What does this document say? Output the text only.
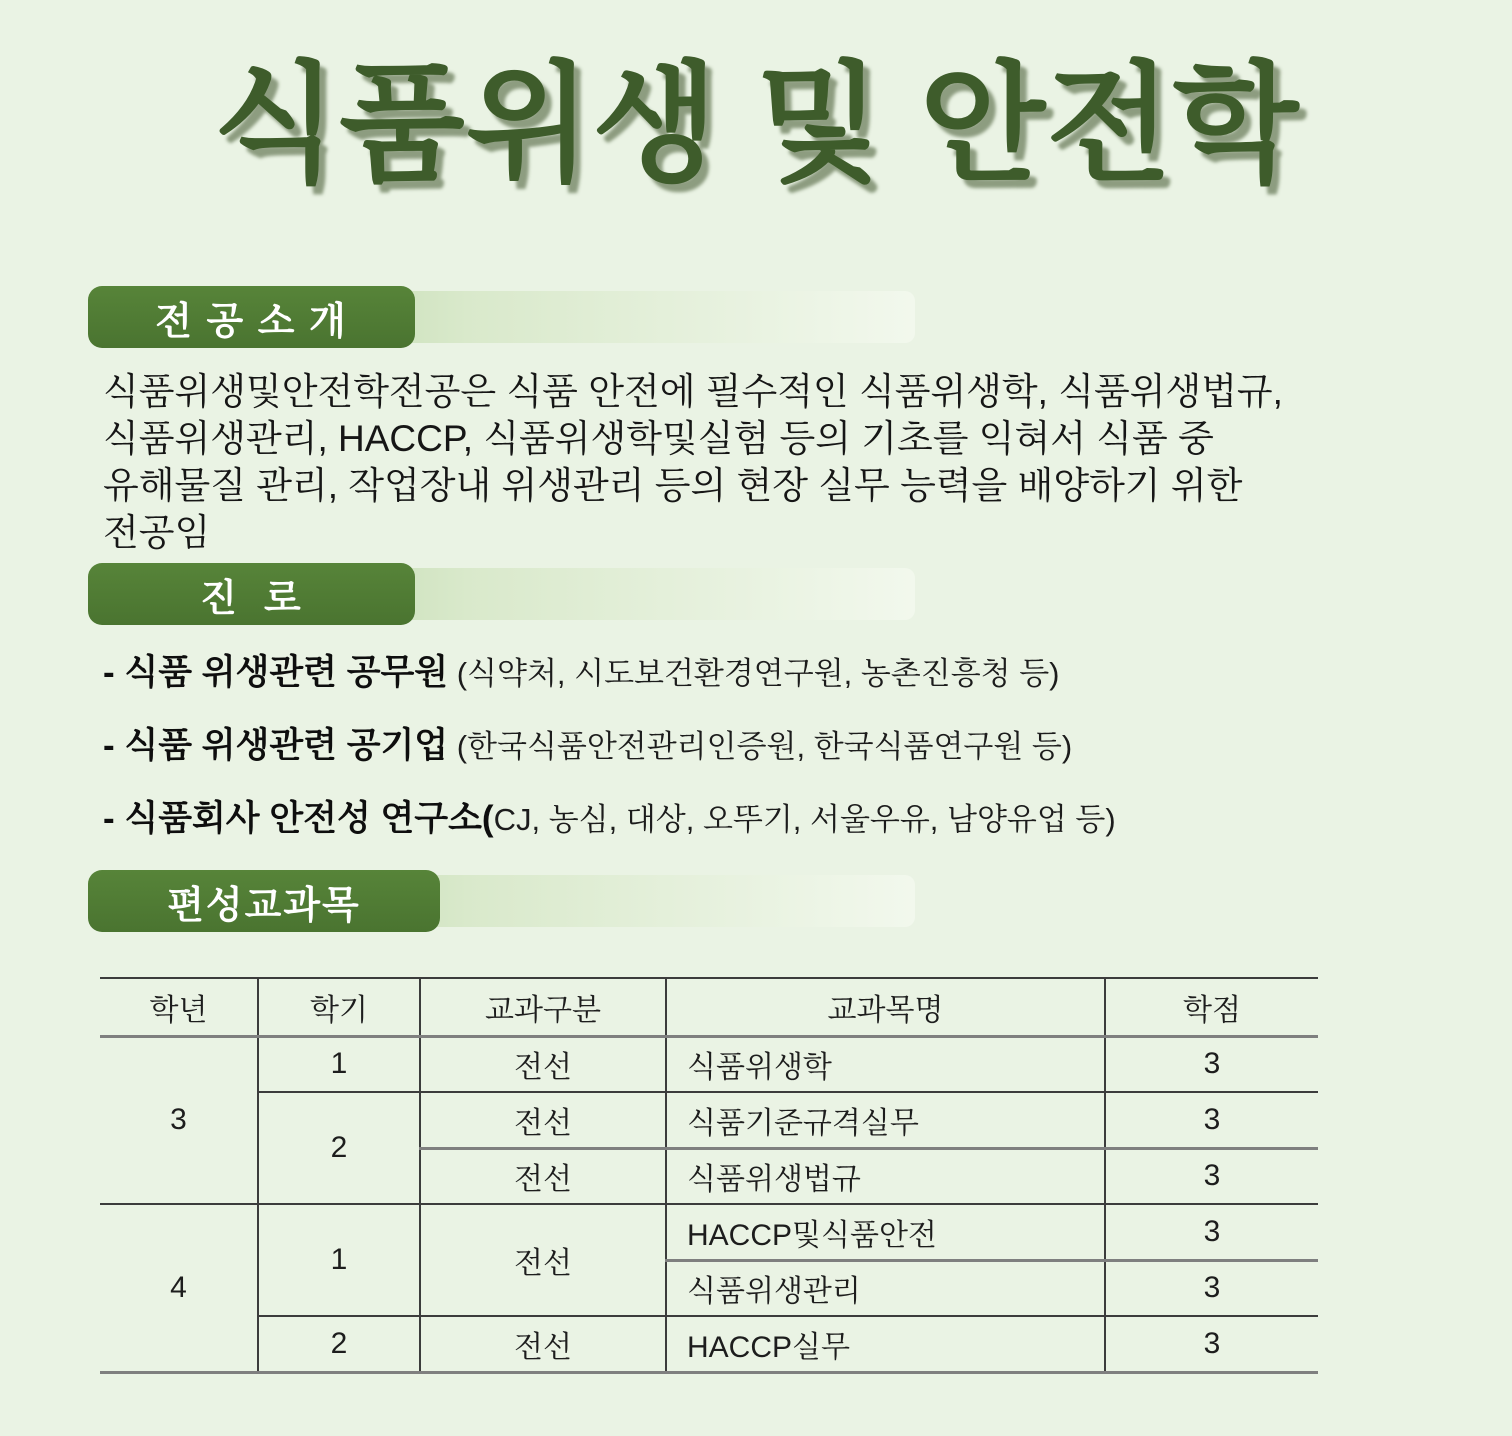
식품위생 및 안전학
전 공 소 개
식품위생및안전학전공은 식품 안전에 필수적인 식품위생학, 식품위생법규,
식품위생관리, HACCP, 식품위생학및실험 등의 기초를 익혀서 식품 중
유해물질 관리, 작업장내 위생관리 등의 현장 실무 능력을 배양하기 위한
전공임
진  로
- 식품 위생관련 공무원 (식약처, 시도보건환경연구원, 농촌진흥청 등)
- 식품 위생관련 공기업 (한국식품안전관리인증원, 한국식품연구원 등)
- 식품회사 안전성 연구소(CJ, 농심, 대상, 오뚜기, 서울우유, 남양유업 등)
편성교과목
학년	학기	교과구분	교과목명	학점
3	1	전선	식품위생학	3
	2	전선	식품기준규격실무	3
		전선	식품위생법규	3
4	1	전선	HACCP및식품안전	3
			식품위생관리	3
	2	전선	HACCP실무	3
